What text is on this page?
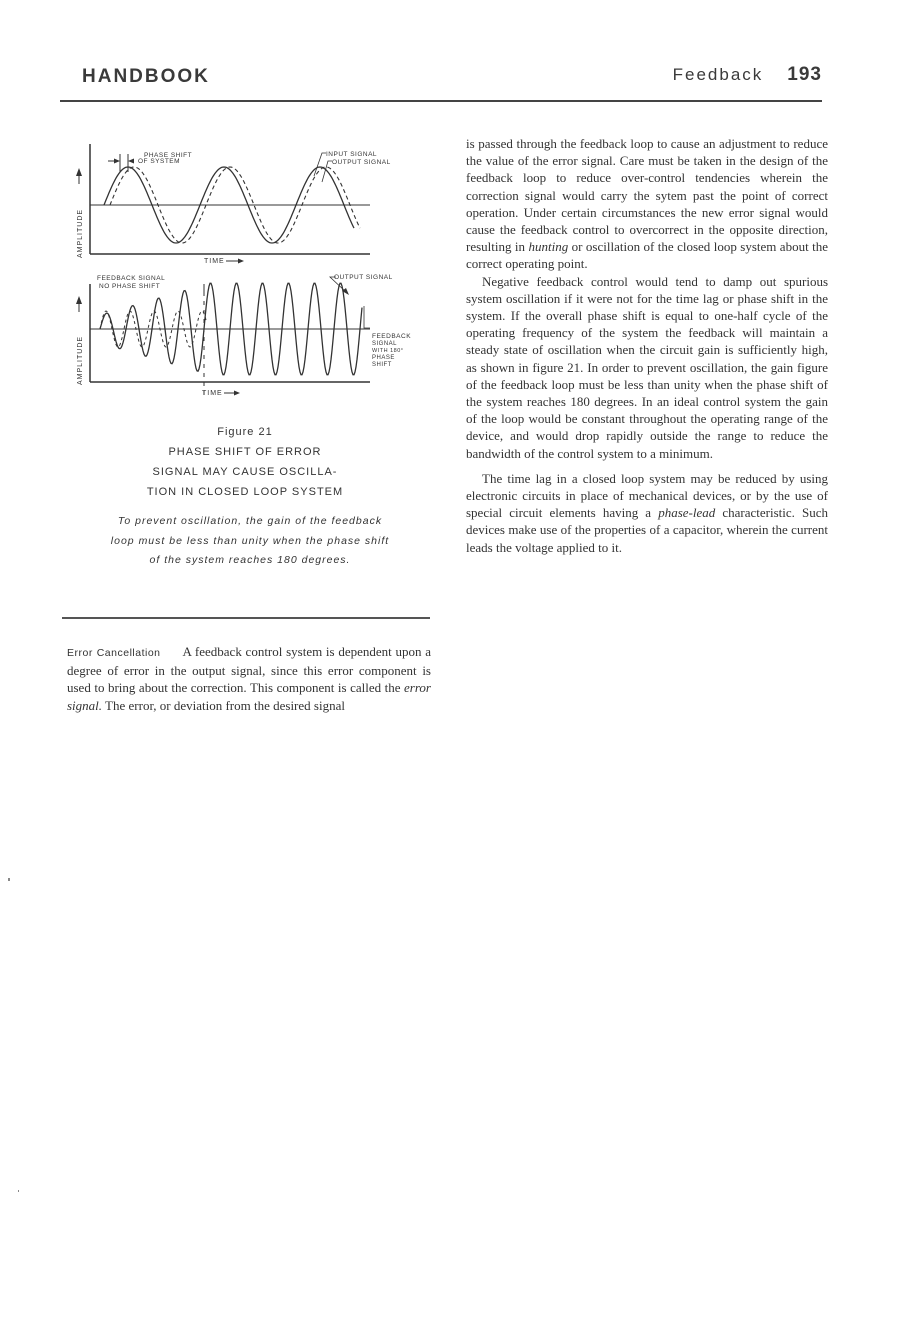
HANDBOOK	Feedback 193
AMPLITUDE
TIME
PHASE SHIFT
OF SYSTEM
INPUT SIGNAL
OUTPUT SIGNAL
AMPLITUDE
TIME
FEEDBACK SIGNAL
NO PHASE SHIFT
OUTPUT SIGNAL
FEEDBACK
SIGNAL
WITH 180°
PHASE
SHIFT
Figure 21
PHASE SHIFT OF ERROR
SIGNAL MAY CAUSE OSCILLA-
TION IN CLOSED LOOP SYSTEM
To prevent oscillation, the gain of the feedback loop must be less than unity when the phase shift of the system reaches 180 degrees.

Error Cancellation A feedback control system is dependent upon a degree of error in the output signal, since this error component is used to bring about the correction. This component is called the error signal. The error, or deviation from the desired signal

is passed through the feedback loop to cause an adjustment to reduce the value of the error signal. Care must be taken in the design of the feedback loop to reduce over-control tendencies wherein the correction signal would carry the sytem past the point of correct operation. Under certain circumstances the new error signal would cause the feedback control to overcorrect in the opposite direction, resulting in hunting or oscillation of the closed loop system about the correct operating point.

Negative feedback control would tend to damp out spurious system oscillation if it were not for the time lag or phase shift in the system. If the overall phase shift is equal to one-half cycle of the operating frequency of the system the feedback will maintain a steady state of oscillation when the circuit gain is sufficiently high, as shown in figure 21. In order to prevent oscillation, the gain figure of the feedback loop must be less than unity when the phase shift of the system reaches 180 degrees. In an ideal control system the gain of the loop would be constant throughout the operating range of the device, and would drop rapidly outside the range to reduce the bandwidth of the control system to a minimum.

The time lag in a closed loop system may be reduced by using electronic circuits in place of mechanical devices, or by the use of special circuit elements having a phase-lead characteristic. Such devices make use of the properties of a capacitor, wherein the current leads the voltage applied to it.
